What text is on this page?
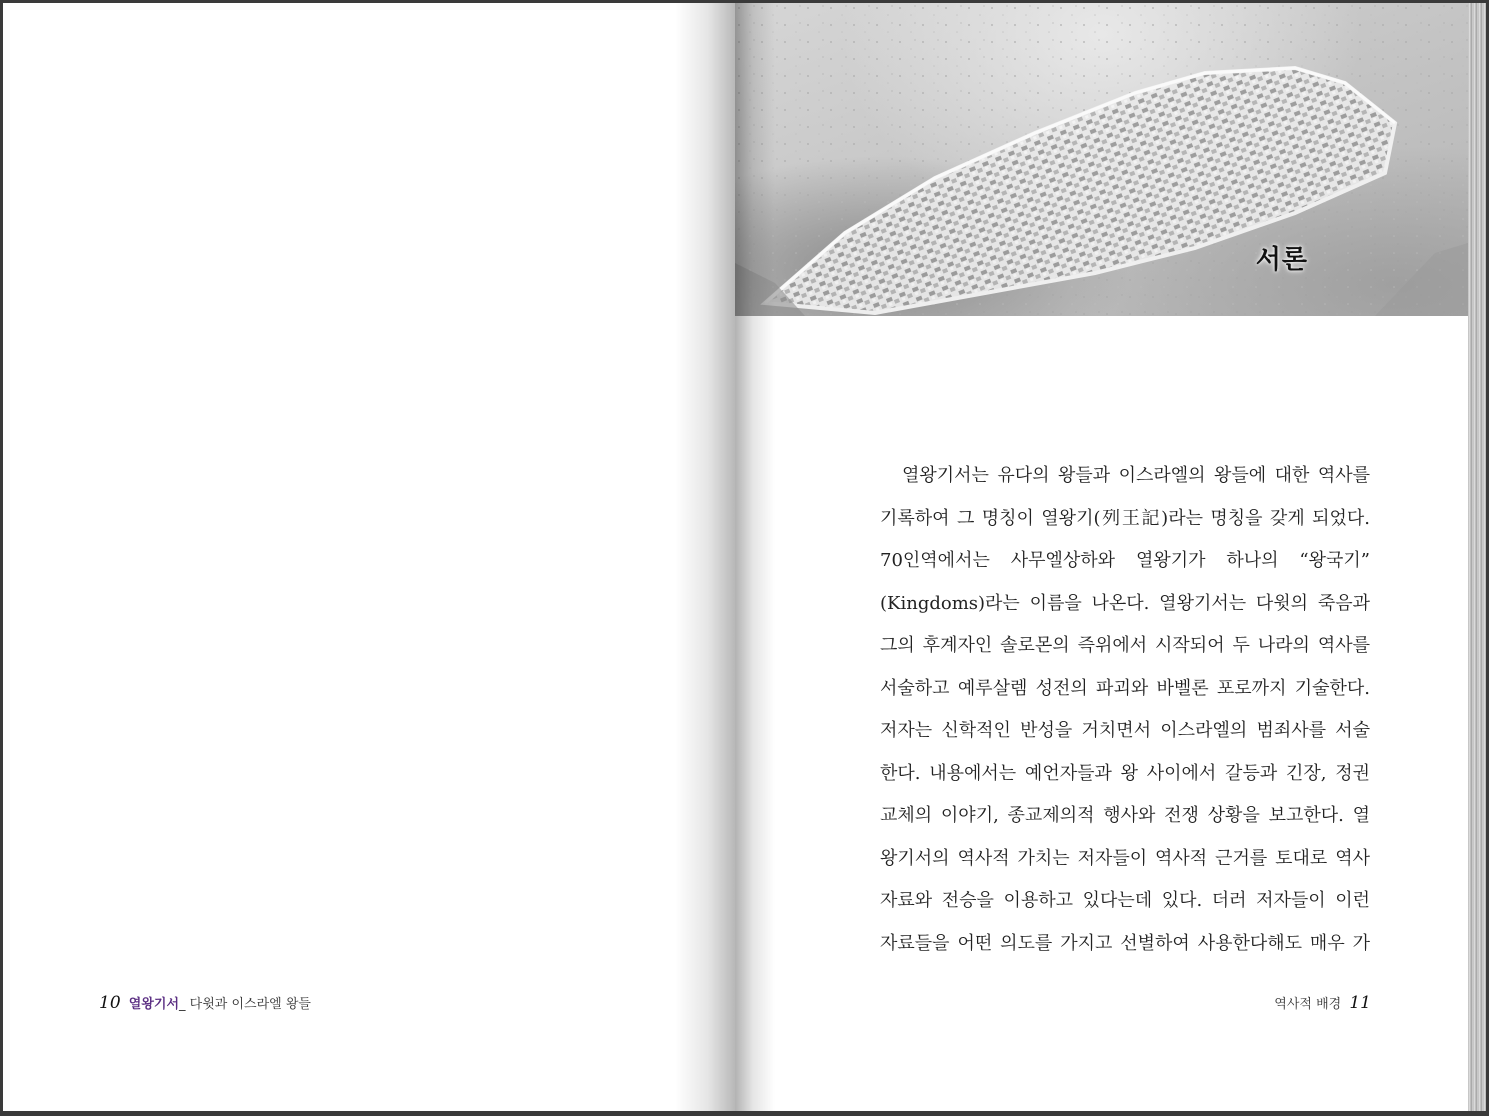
10 열왕기서_ 다윗과 이스라엘 왕들
서론
열왕기서는 유다의 왕들과 이스라엘의 왕들에 대한 역사를
기록하여 그 명칭이 열왕기(列王記)라는 명칭을 갖게 되었다.
70인역에서는 사무엘상하와 열왕기가 하나의 “왕국기”
(Kingdoms)라는 이름을 나온다. 열왕기서는 다윗의 죽음과
그의 후계자인 솔로몬의 즉위에서 시작되어 두 나라의 역사를
서술하고 예루살렘 성전의 파괴와 바벨론 포로까지 기술한다.
저자는 신학적인 반성을 거치면서 이스라엘의 범죄사를 서술
한다. 내용에서는 예언자들과 왕 사이에서 갈등과 긴장, 정권
교체의 이야기, 종교제의적 행사와 전쟁 상황을 보고한다. 열
왕기서의 역사적 가치는 저자들이 역사적 근거를 토대로 역사
자료와 전승을 이용하고 있다는데 있다. 더러 저자들이 이런
자료들을 어떤 의도를 가지고 선별하여 사용한다해도 매우 가
역사적 배경 11
